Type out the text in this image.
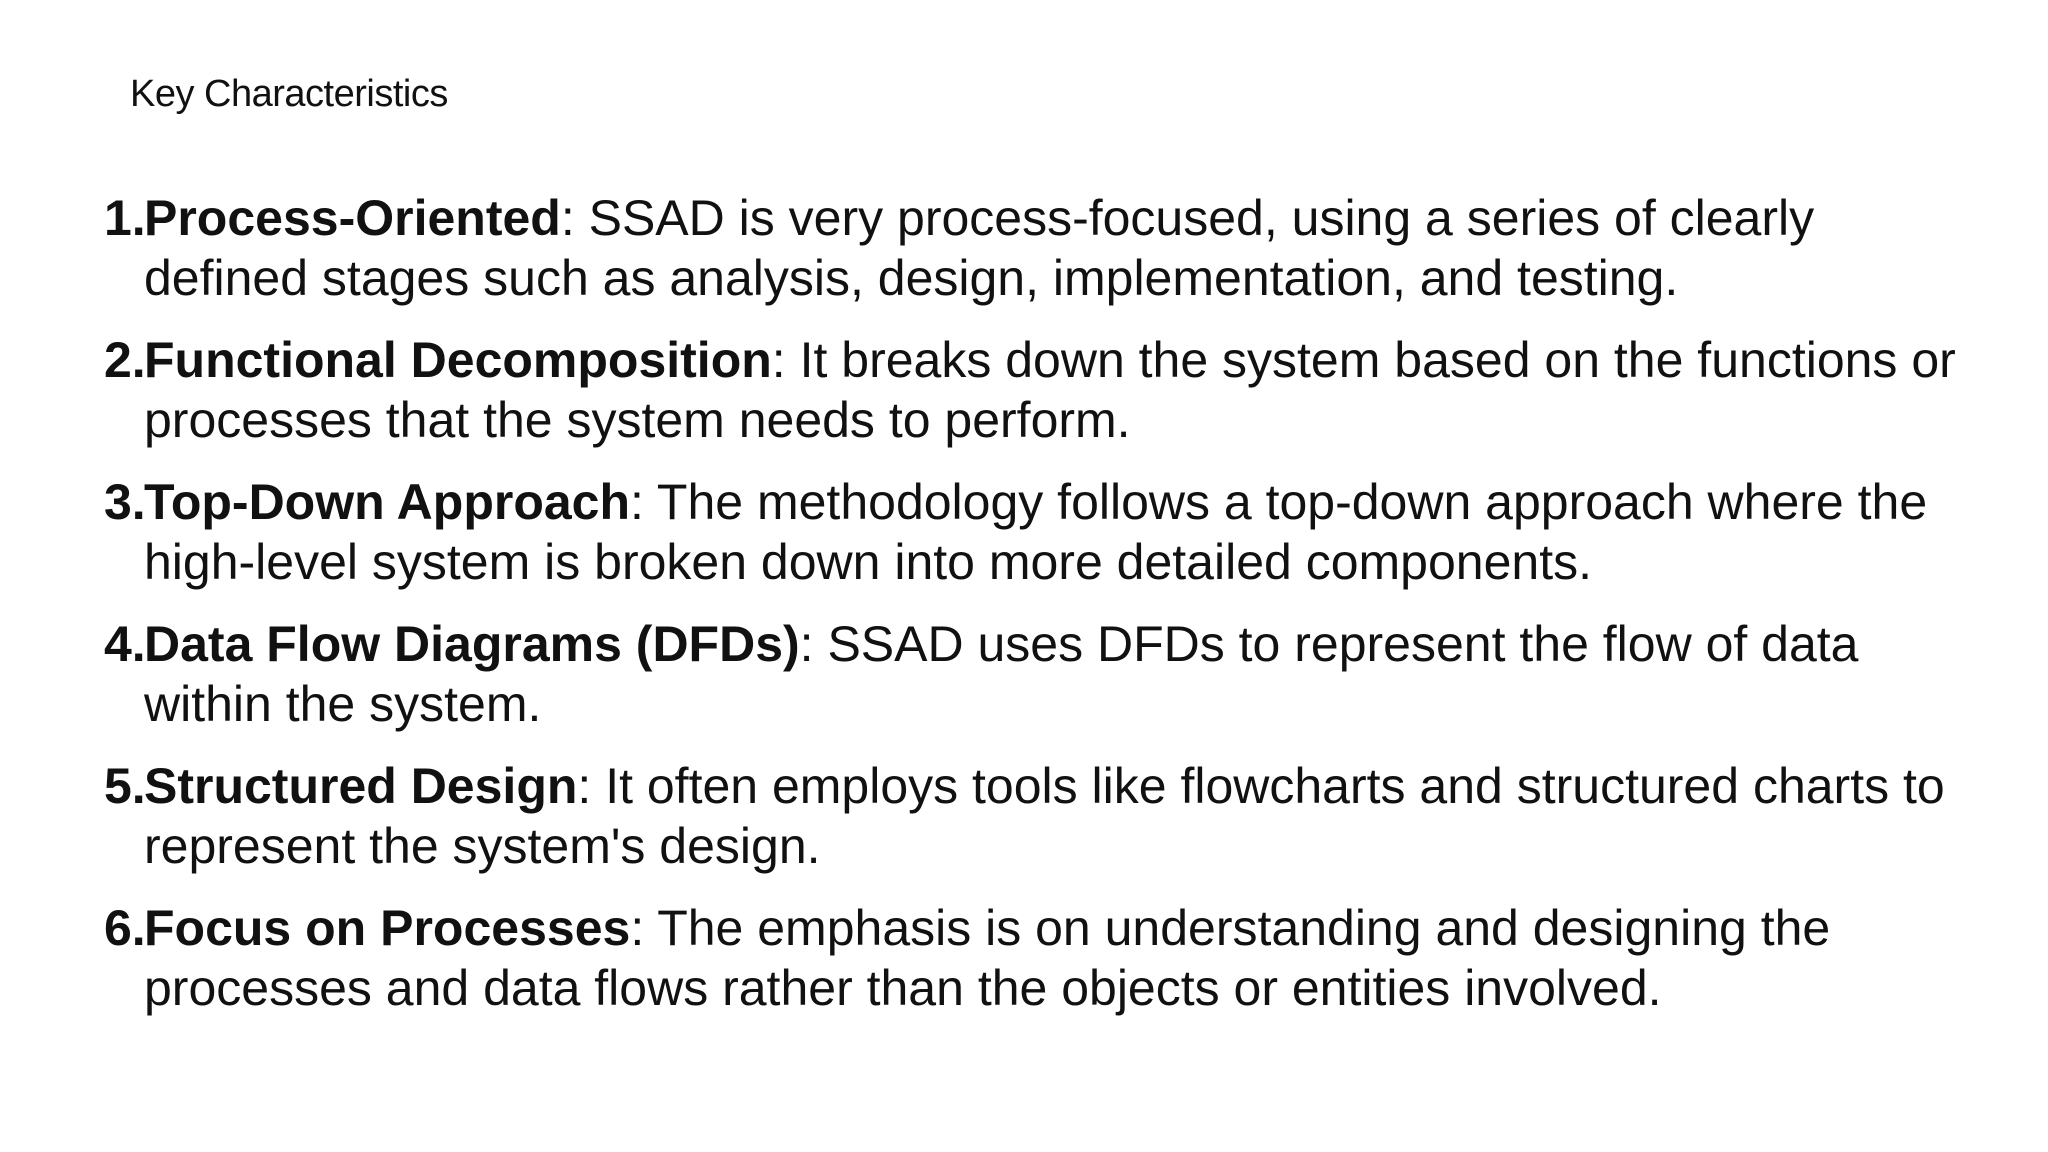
Key Characteristics
1.
Process-Oriented: SSAD is very process-focused, using a series of clearly defined stages such as analysis, design, implementation, and testing.
2.
Functional Decomposition: It breaks down the system based on the functions or processes that the system needs to perform.
3.
Top-Down Approach: The methodology follows a top-down approach where the high-level system is broken down into more detailed components.
4.
Data Flow Diagrams (DFDs): SSAD uses DFDs to represent the flow of data within the system.
5.
Structured Design: It often employs tools like flowcharts and structured charts to represent the system's design.
6.
Focus on Processes: The emphasis is on understanding and designing the processes and data flows rather than the objects or entities involved.
